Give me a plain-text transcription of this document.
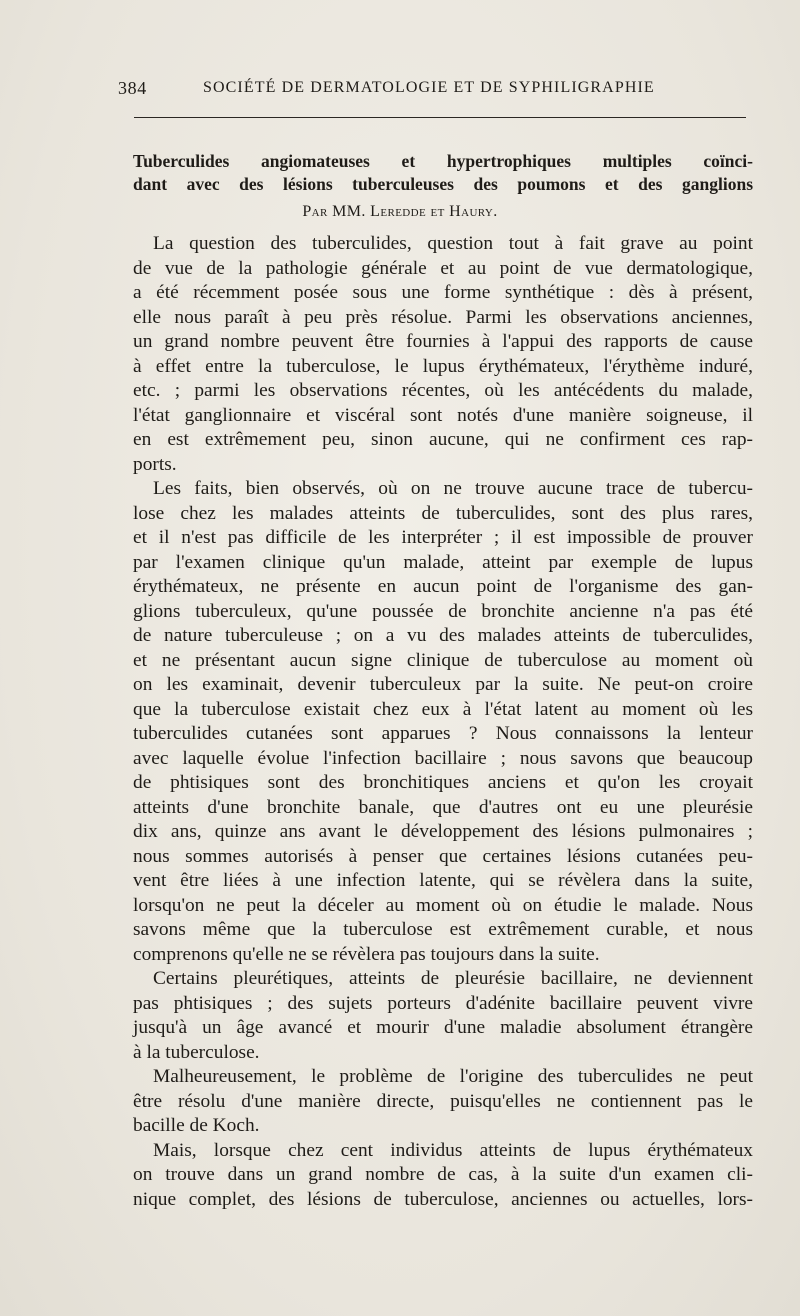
384	SOCIÉTÉ DE DERMATOLOGIE ET DE SYPHILIGRAPHIE
Tuberculides angiomateuses et hypertrophiques multiples coïnci-
dant avec des lésions tuberculeuses des poumons et des ganglions
Par MM. Leredde et Haury.
La question des tuberculides, question tout à fait grave au point
de vue de la pathologie générale et au point de vue dermatologique,
a été récemment posée sous une forme synthétique : dès à présent,
elle nous paraît à peu près résolue. Parmi les observations anciennes,
un grand nombre peuvent être fournies à l'appui des rapports de cause
à effet entre la tuberculose, le lupus érythémateux, l'érythème induré,
etc. ; parmi les observations récentes, où les antécédents du malade,
l'état ganglionnaire et viscéral sont notés d'une manière soigneuse, il
en est extrêmement peu, sinon aucune, qui ne confirment ces rap-
ports.
Les faits, bien observés, où on ne trouve aucune trace de tubercu-
lose chez les malades atteints de tuberculides, sont des plus rares,
et il n'est pas difficile de les interpréter ; il est impossible de prouver
par l'examen clinique qu'un malade, atteint par exemple de lupus
érythémateux, ne présente en aucun point de l'organisme des gan-
glions tuberculeux, qu'une poussée de bronchite ancienne n'a pas été
de nature tuberculeuse ; on a vu des malades atteints de tuberculides,
et ne présentant aucun signe clinique de tuberculose au moment où
on les examinait, devenir tuberculeux par la suite. Ne peut-on croire
que la tuberculose existait chez eux à l'état latent au moment où les
tuberculides cutanées sont apparues ? Nous connaissons la lenteur
avec laquelle évolue l'infection bacillaire ; nous savons que beaucoup
de phtisiques sont des bronchitiques anciens et qu'on les croyait
atteints d'une bronchite banale, que d'autres ont eu une pleurésie
dix ans, quinze ans avant le développement des lésions pulmonaires ;
nous sommes autorisés à penser que certaines lésions cutanées peu-
vent être liées à une infection latente, qui se révèlera dans la suite,
lorsqu'on ne peut la déceler au moment où on étudie le malade. Nous
savons même que la tuberculose est extrêmement curable, et nous
comprenons qu'elle ne se révèlera pas toujours dans la suite.
Certains pleurétiques, atteints de pleurésie bacillaire, ne deviennent
pas phtisiques ; des sujets porteurs d'adénite bacillaire peuvent vivre
jusqu'à un âge avancé et mourir d'une maladie absolument étrangère
à la tuberculose.
Malheureusement, le problème de l'origine des tuberculides ne peut
être résolu d'une manière directe, puisqu'elles ne contiennent pas le
bacille de Koch.
Mais, lorsque chez cent individus atteints de lupus érythémateux
on trouve dans un grand nombre de cas, à la suite d'un examen cli-
nique complet, des lésions de tuberculose, anciennes ou actuelles, lors-
